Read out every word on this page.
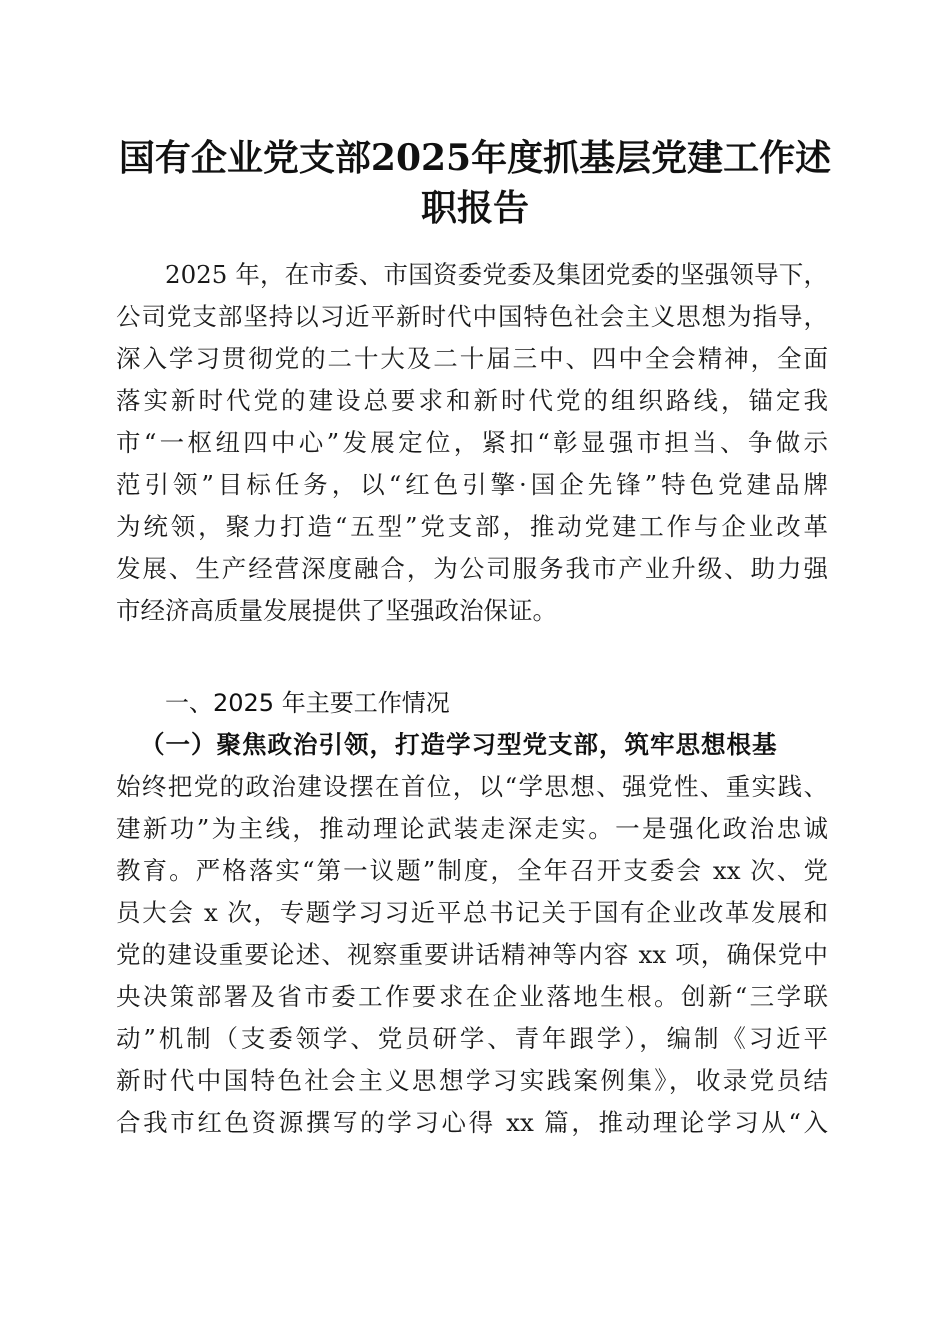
国有企业党支部2025年度抓基层党建工作述
职报告
2025 年，在市委、市国资委党委及集团党委的坚强领导下，
公司党支部坚持以习近平新时代中国特色社会主义思想为指导，
深入学习贯彻党的二十大及二十届三中、四中全会精神，全面
落实新时代党的建设总要求和新时代党的组织路线，锚定我
市“一枢纽四中心”发展定位，紧扣“彰显强市担当、争做示
范引领”目标任务，以“红色引擎·国企先锋”特色党建品牌
为统领，聚力打造“五型”党支部，推动党建工作与企业改革
发展、生产经营深度融合，为公司服务我市产业升级、助力强
市经济高质量发展提供了坚强政治保证。
一、2025 年主要工作情况
（一）聚焦政治引领，打造学习型党支部，筑牢思想根基
始终把党的政治建设摆在首位，以“学思想、强党性、重实践、
建新功”为主线，推动理论武装走深走实。一是强化政治忠诚
教育。严格落实“第一议题”制度，全年召开支委会 xx 次、党
员大会 x 次，专题学习习近平总书记关于国有企业改革发展和
党的建设重要论述、视察重要讲话精神等内容 xx 项，确保党中
央决策部署及省市委工作要求在企业落地生根。创新“三学联
动”机制（支委领学、党员研学、青年跟学），编制《习近平
新时代中国特色社会主义思想学习实践案例集》，收录党员结
合我市红色资源撰写的学习心得 xx 篇，推动理论学习从“入
